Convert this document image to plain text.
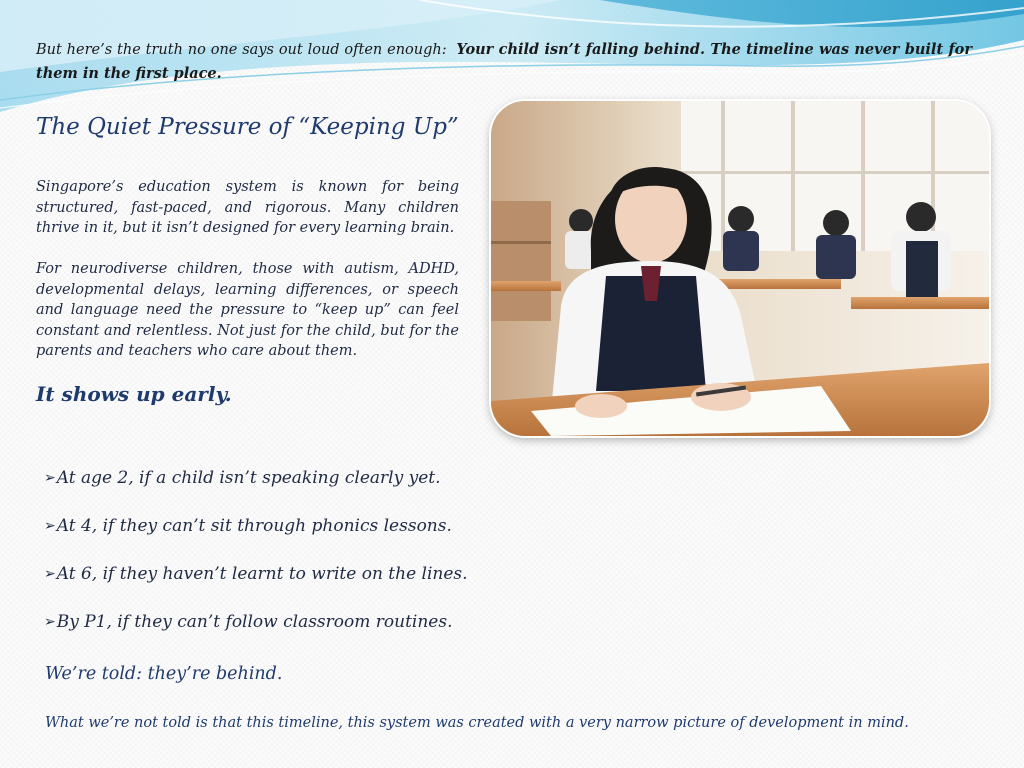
But here’s the truth no one says out loud often enough: Your child isn’t falling behind. The timeline was never built for them in the first place.
The Quiet Pressure of “Keeping Up”

Singapore’s education system is known for being structured, fast-paced, and rigorous. Many children thrive in it, but it isn’t designed for every learning brain.

For neurodiverse children, those with autism, ADHD, developmental delays, learning differences, or speech and language need the pressure to “keep up” can feel constant and relentless. Not just for the child, but for the parents and teachers who care about them.

It shows up early.

➢ At age 2, if a child isn’t speaking clearly yet.
➢ At 4, if they can’t sit through phonics lessons.
➢ At 6, if they haven’t learnt to write on the lines.
➢ By P1, if they can’t follow classroom routines.

We’re told: they’re behind.

What we’re not told is that this timeline, this system was created with a very narrow picture of development in mind.
